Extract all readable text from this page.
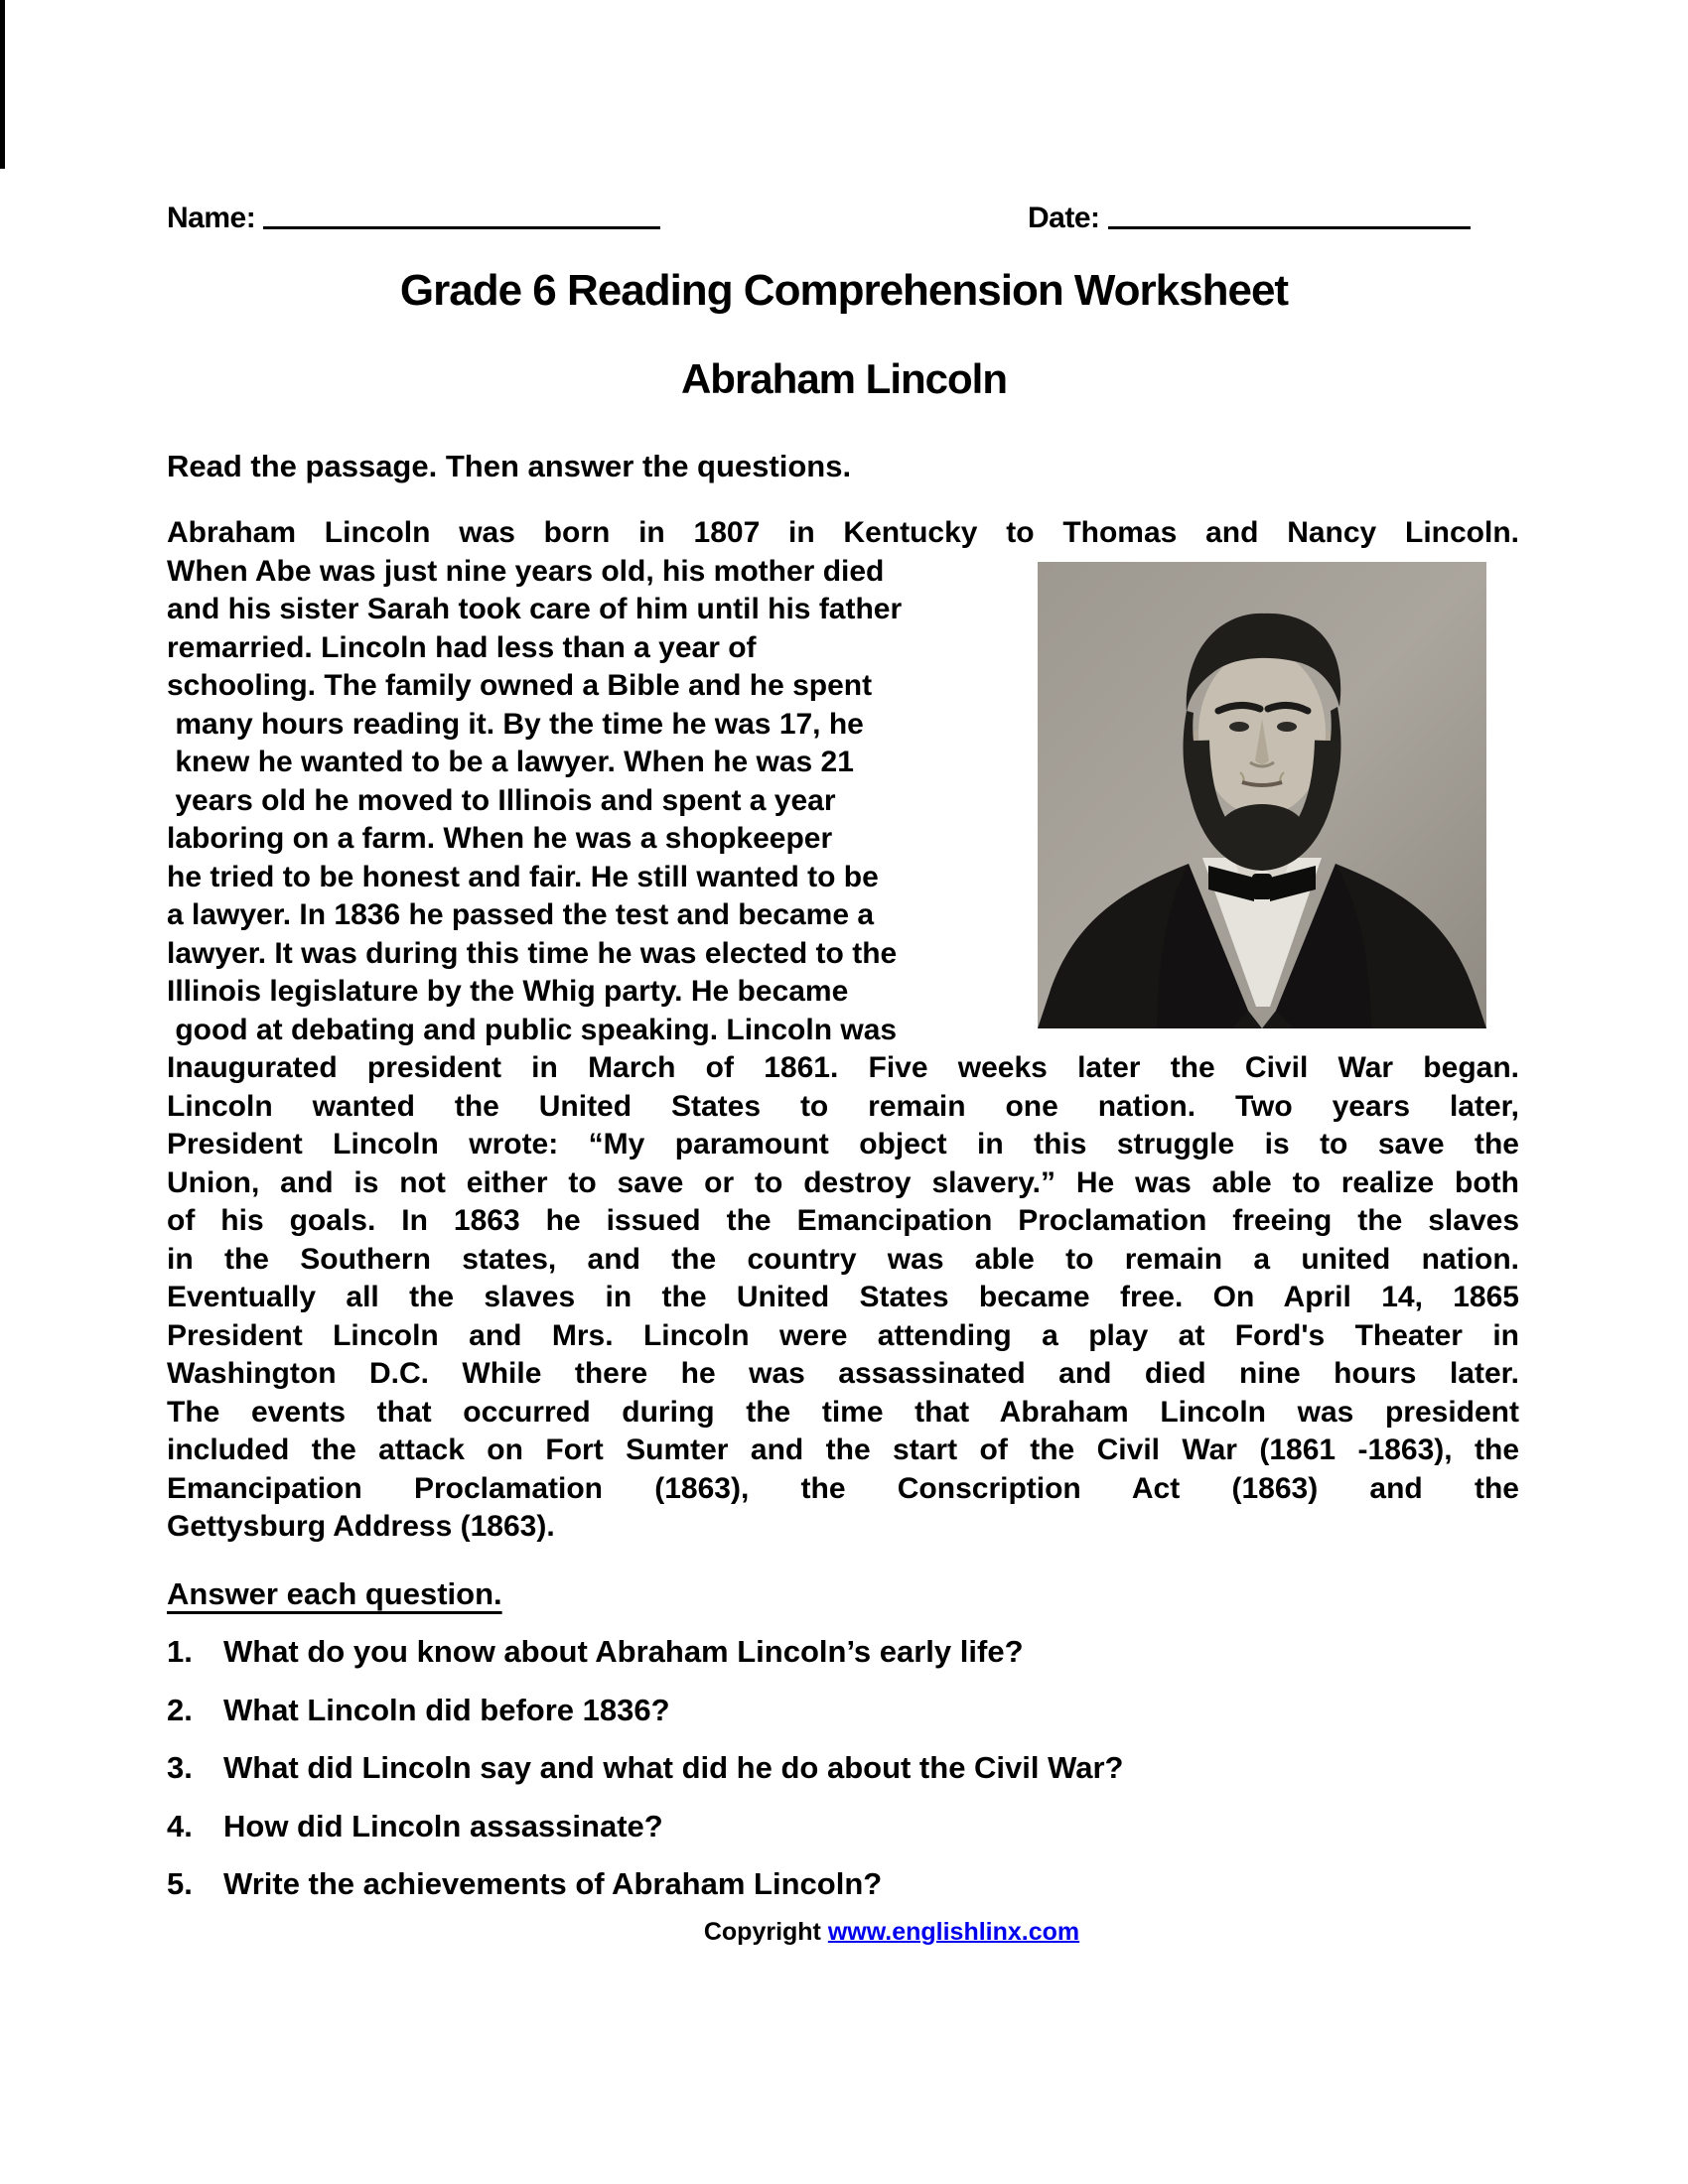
Name:	Date:
Grade 6 Reading Comprehension Worksheet
Abraham Lincoln
Read the passage. Then answer the questions.
Abraham Lincoln was born in 1807 in Kentucky to Thomas and Nancy Lincoln.
When Abe was just nine years old, his mother died
and his sister Sarah took care of him until his father
remarried. Lincoln had less than a year of
schooling. The family owned a Bible and he spent
many hours reading it. By the time he was 17, he
knew he wanted to be a lawyer. When he was 21
years old he moved to Illinois and spent a year
laboring on a farm. When he was a shopkeeper
he tried to be honest and fair. He still wanted to be
a lawyer. In 1836 he passed the test and became a
lawyer. It was during this time he was elected to the
Illinois legislature by the Whig party. He became
good at debating and public speaking. Lincoln was
Inaugurated president in March of 1861. Five weeks later the Civil War began.
Lincoln wanted the United States to remain one nation. Two years later,
President Lincoln wrote: “My paramount object in this struggle is to save the
Union, and is not either to save or to destroy slavery.” He was able to realize both
of his goals. In 1863 he issued the Emancipation Proclamation freeing the slaves
in the Southern states, and the country was able to remain a united nation.
Eventually all the slaves in the United States became free. On April 14, 1865
President Lincoln and Mrs. Lincoln were attending a play at Ford's Theater in
Washington D.C. While there he was assassinated and died nine hours later.
The events that occurred during the time that Abraham Lincoln was president
included the attack on Fort Sumter and the start of the Civil War (1861 -1863), the
Emancipation Proclamation (1863), the Conscription Act (1863) and the
Gettysburg Address (1863).
Answer each question.
1.	What do you know about Abraham Lincoln’s early life?
2.	What Lincoln did before 1836?
3.	What did Lincoln say and what did he do about the Civil War?
4.	How did Lincoln assassinate?
5.	Write the achievements of Abraham Lincoln?
Copyright www.englishlinx.com
